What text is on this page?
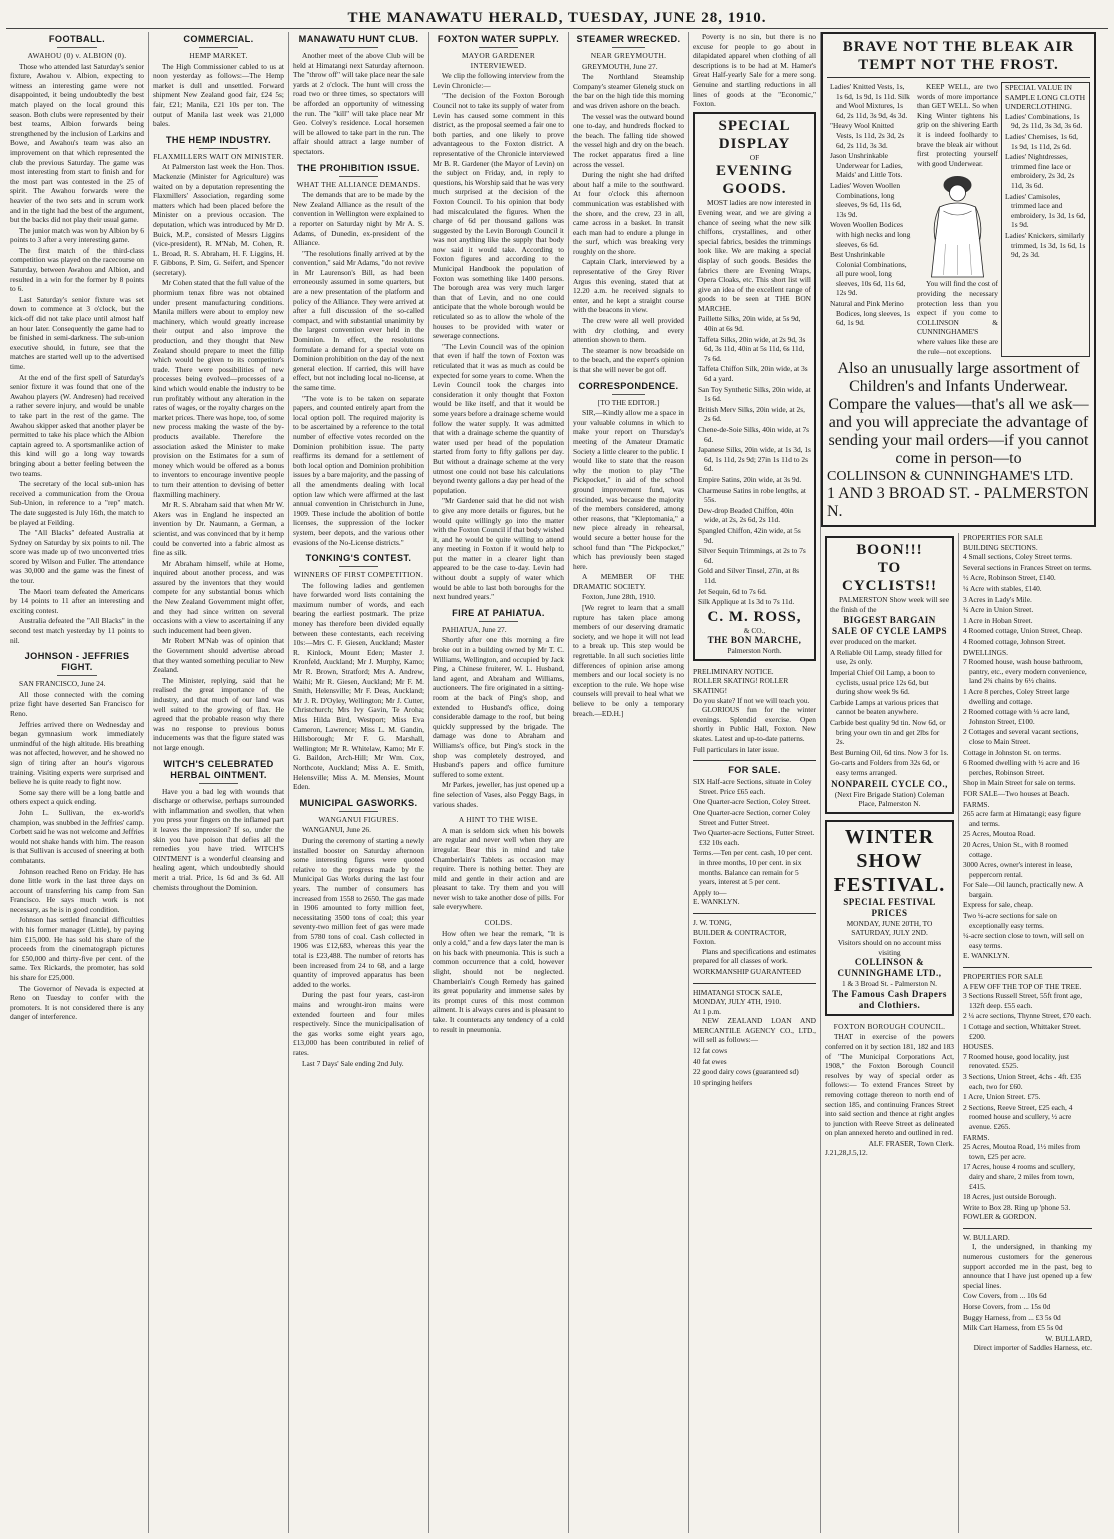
THE MANAWATU HERALD, TUESDAY, JUNE 28, 1910.
FOOTBALL.
AWAHOU (0) v. ALBION (0).

Those who attended last Saturday's senior fixture, Awahou v. Albion, expecting to witness an interesting game were not disappointed, it being undoubtedly the best match played on the local ground this season. Both clubs were represented by their best teams, Albion forwards being strengthened by the inclusion of Larkins and Bowe, and Awahou's team was also an improvement on that which represented the club the previous Saturday. The game was most interesting from start to finish and for the most part was contested in the 25 of spirit. The Awahou forwards were the heavier of the two sets and in scrum work and in the tight had the best of the argument, but the backs did not play their usual game.

The junior match was won by Albion by 6 points to 3 after a very interesting game.

The first match of the third-class competition was played on the racecourse on Saturday, between Awahou and Albion, and resulted in a win for the former by 8 points to 6.

Last Saturday's senior fixture was set down to commence at 3 o'clock, but the kick-off did not take place until almost half an hour later. Consequently the game had to be finished in semi-darkness. The sub-union executive should, in future, see that the matches are started well up to the advertised time.

At the end of the first spell of Saturday's senior fixture it was found that one of the Awahou players (W. Andresen) had received a rather severe injury, and would be unable to take part in the rest of the game. The Awahou skipper asked that another player be permitted to take his place which the Albion captain agreed to. A sportsmanlike action of this kind will go a long way towards bringing about a better feeling between the two teams.

The secretary of the local sub-union has received a communication from the Oroua Sub-Union, in reference to a "rep" match. The date suggested is July 16th, the match to be played at Feilding.

The "All Blacks" defeated Australia at Sydney on Saturday by six points to nil. The score was made up of two unconverted tries scored by Wilson and Fuller. The attendance was 30,000 and the game was the finest of the tour.

The Maori team defeated the Americans by 14 points to 11 after an interesting and exciting contest.

Australia defeated the "All Blacks" in the second test match yesterday by 11 points to nil.

JOHNSON - JEFFRIES FIGHT.

SAN FRANCISCO, June 24.

All those connected with the coming prize fight have deserted San Francisco for Reno.

Jeffries arrived there on Wednesday and began gymnasium work immediately unmindful of the high altitude. His breathing was not affected, however, and he showed no sign of tiring after an hour's vigorous training. Visiting experts were surprised and believe he is quite ready to fight now.

Some say there will be a long battle and others expect a quick ending.

John L. Sullivan, the ex-world's champion, was snubbed in the Jeffries' camp. Corbett said he was not welcome and Jeffries would not shake hands with him. The reason is that Sullivan is accused of sneering at both combatants.

Johnson reached Reno on Friday. He has done little work in the last three days on account of transferring his camp from San Francisco. He says much work is not necessary, as he is in good condition.

Johnson has settled financial difficulties with his former manager (Little), by paying him £15,000. He has sold his share of the proceeds from the cinematograph pictures for £50,000 and thirty-five per cent. of the same. Tex Rickards, the promoter, has sold his share for £25,000.

The Governor of Nevada is expected at Reno on Tuesday to confer with the promoters. It is not considered there is any danger of interference.

COMMERCIAL.
HEMP MARKET.

The High Commissioner cabled to us at noon yesterday as follows:—The Hemp market is dull and unsettled. Forward shipment New Zealand good fair, £24 5s; fair, £21; Manila, £21 10s per ton. The output of Manila last week was 21,000 bales.

THE HEMP INDUSTRY.
FLAXMILLERS WAIT ON MINISTER.

At Palmerston last week the Hon. Thos. Mackenzie (Minister for Agriculture) was waited on by a deputation representing the Flaxmillers' Association, regarding some matters which had been placed before the Minister on a previous occasion. The deputation, which was introduced by Mr D. Buick, M.P., consisted of Messrs Liggins (vice-president), R. M'Nab, M. Cohen, R. L. Broad, R. S. Abraham, H. F. Liggins, H. F. Gibbons, P. Sim, G. Seifert, and Spencer (secretary).

Mr Cohen stated that the full value of the phormium tenax fibre was not obtained under present manufacturing conditions. Manila millers were about to employ new machinery, which would greatly increase their output and also improve the production, and they thought that New Zealand should prepare to meet the fillip which would be given to its competitor's trade. There were possibilities of new processes being evolved—processes of a kind which would enable the industry to be run profitably without any alteration in the rates of wages, or the royalty charges on the market prices. There was hope, too, of some new process making the waste of the by-products available. Therefore the association asked the Minister to make provision on the Estimates for a sum of money which would be offered as a bonus to inventors to encourage inventive people to turn their attention to devising of better flaxmilling machinery.

Mr R. S. Abraham said that when Mr W. Akers was in England he inspected an invention by Dr. Naumann, a German, a scientist, and was convinced that by it hemp could be converted into a fabric almost as fine as silk.

Mr Abraham himself, while at Home, inquired about another process, and was assured by the inventors that they would compete for any substantial bonus which the New Zealand Government might offer, and they had since written on several occasions with a view to ascertaining if any such inducement had been given.

Mr Robert M'Nab was of opinion that the Government should advertise abroad that they wanted something peculiar to New Zealand.

The Minister, replying, said that he realised the great importance of the industry, and that much of our land was well suited to the growing of flax. He agreed that the probable reason why there was no response to previous bonus inducements was that the figure stated was not large enough.

WITCH'S CELEBRATED HERBAL OINTMENT.

Have you a bad leg with wounds that discharge or otherwise, perhaps surrounded with inflammation and swollen, that when you press your fingers on the inflamed part it leaves the impression? If so, under the skin you have poison that defies all the remedies you have tried. WITCH'S OINTMENT is a wonderful cleansing and healing agent, which undoubtedly should merit a trial. Price, 1s 6d and 3s 6d. All chemists throughout the Dominion.

MANAWATU HUNT CLUB.

Another meet of the above Club will be held at Himatangi next Saturday afternoon. The "throw off" will take place near the sale yards at 2 o'clock. The hunt will cross the road two or three times, so spectators will be afforded an opportunity of witnessing the run. The "kill" will take place near Mr Geo. Colvey's residence. Local horsemen will be allowed to take part in the run. The affair should attract a large number of spectators.

THE PROHIBITION ISSUE.
WHAT THE ALLIANCE DEMANDS.

The demands that are to be made by the New Zealand Alliance as the result of the convention in Wellington were explained to a reporter on Saturday night by Mr A. S. Adams, of Dunedin, ex-president of the Alliance.

"The resolutions finally arrived at by the convention," said Mr Adams, "do not revive in Mr Laurenson's Bill, as had been erroneously assumed in some quarters, but are a new presentation of the platform and policy of the Alliance. They were arrived at after a full discussion of the so-called compact, and with substantial unanimity by the largest convention ever held in the Dominion. In effect, the resolutions formulate a demand for a special vote on Dominion prohibition on the day of the next general election. If carried, this will have effect, but not including local no-license, at the same time.

"The vote is to be taken on separate papers, and counted entirely apart from the local option poll. The required majority is to be ascertained by a reference to the total number of effective votes recorded on the Dominion prohibition issue. The party reaffirms its demand for a settlement of both local option and Dominion prohibition issues by a bare majority, and the passing of all the amendments dealing with local option law which were affirmed at the last annual convention in Christchurch in June, 1909. These include the abolition of bottle licenses, the suppression of the locker system, beer depots, and the various other evasions of the No-License districts."

TONKING'S CONTEST.
WINNERS OF FIRST COMPETITION.

The following ladies and gentlemen have forwarded word lists containing the maximum number of words, and each bearing the earliest postmark. The prize money has therefore been divided equally between these contestants, each receiving 10s:—Mrs C. F. Giesen, Auckland; Master R. Kinlock, Mount Eden; Master J. Kronfeld, Auckland; Mr J. Murphy, Kamo; Mr R. Brown, Stratford; Mrs A. Andrew, Waihi; Mr R. Giesen, Auckland; Mr F. M. Smith, Helensville; Mr F. Deas, Auckland; Mr J. R. D'Oyley, Wellington; Mr J. Cutter, Christchurch; Mrs Ivy Gavin, Te Aroha; Miss Hilda Bird, Westport; Miss Eva Cameron, Lawrence; Miss L. M. Gandin, Hillsborough; Mr F. G. Marshall, Wellington; Mr R. Whitelaw, Kamo; Mr F. G. Baildon, Arch-Hill; Mr Wm. Cox, Northcote, Auckland; Miss A. E. Smith, Helensville; Miss A. M. Mensies, Mount Eden.

MUNICIPAL GASWORKS.
WANGANUI FIGURES.

WANGANUI, June 26.

During the ceremony of starting a newly installed booster on Saturday afternoon some interesting figures were quoted relative to the progress made by the Municipal Gas Works during the last four years. The number of consumers has increased from 1558 to 2650. The gas made in 1906 amounted to forty million feet, necessitating 3500 tons of coal; this year seventy-two million feet of gas were made from 5780 tons of coal. Cash collected in 1906 was £12,683, whereas this year the total is £23,488. The number of retorts has been increased from 24 to 68, and a large quantity of improved apparatus has been added to the works.

During the past four years, cast-iron mains and wrought-iron mains were extended fourteen and four miles respectively. Since the municipalisation of the gas works some eight years ago, £13,000 has been contributed in relief of rates.

Last 7 Days' Sale ending 2nd July.

FOXTON WATER SUPPLY.
MAYOR GARDENER INTERVIEWED.

We clip the following interview from the Levin Chronicle:—

"The decision of the Foxton Borough Council not to take its supply of water from Levin has caused some comment in this district, as the proposal seemed a fair one to both parties, and one likely to prove advantageous to the Foxton district. A representative of the Chronicle interviewed Mr B. R. Gardener (the Mayor of Levin) on the subject on Friday, and, in reply to questions, his Worship said that he was very much surprised at the decision of the Foxton Council. To his opinion that body had miscalculated the figures. When the charge of 6d per thousand gallons was suggested by the Levin Borough Council it was not anything like the supply that body now said it would take. According to Foxton figures and according to the Municipal Handbook the population of Foxton was something like 1400 persons. The borough area was very much larger than that of Levin, and no one could anticipate that the whole borough would be reticulated so as to allow the whole of the houses to be provided with water or sewerage connections.

"The Levin Council was of the opinion that even if half the town of Foxton was reticulated that it was as much as could be expected for some years to come. When the Levin Council took the charges into consideration it only thought that Foxton would be like itself, and that it would be some years before a drainage scheme would follow the water supply. It was admitted that with a drainage scheme the quantity of water used per head of the population started from forty to fifty gallons per day. But without a drainage scheme at the very utmost one could not base his calculations beyond twenty gallons a day per head of the population.

"Mr Gardener said that he did not wish to give any more details or figures, but he would quite willingly go into the matter with the Foxton Council if that body wished it, and he would be quite willing to attend any meeting in Foxton if it would help to put the matter in a clearer light than appeared to be the case to-day. Levin had without doubt a supply of water which would be able to last both boroughs for the next hundred years."

FIRE AT PAHIATUA.

PAHIATUA, June 27.

Shortly after one this morning a fire broke out in a building owned by Mr T. C. Williams, Wellington, and occupied by Jack Ping, a Chinese fruiterer, W. L. Husband, land agent, and Abraham and Williams, auctioneers. The fire originated in a sitting-room at the back of Ping's shop, and extended to Husband's office, doing considerable damage to the roof, but being quickly suppressed by the brigade. The damage was done to Abraham and Williams's office, but Ping's stock in the shop was completely destroyed, and Husband's papers and office furniture suffered to some extent.

Mr Parkes, jeweller, has just opened up a fine selection of Vases, also Peggy Bags, in various shades.

A HINT TO THE WISE.

A man is seldom sick when his bowels are regular and never well when they are irregular. Bear this in mind and take Chamberlain's Tablets as occasion may require. There is nothing better. They are mild and gentle in their action and are pleasant to take. Try them and you will never wish to take another dose of pills. For sale everywhere.

COLDS.

How often we hear the remark, "It is only a cold," and a few days later the man is on his back with pneumonia. This is such a common occurrence that a cold, however slight, should not be neglected. Chamberlain's Cough Remedy has gained its great popularity and immense sales by its prompt cures of this most common ailment. It is always cures and is pleasant to take. It counteracts any tendency of a cold to result in pneumonia.

STEAMER WRECKED.
NEAR GREYMOUTH.

GREYMOUTH, June 27.

The Northland Steamship Company's steamer Glenelg stuck on the bar on the high tide this morning and was driven ashore on the beach.

The vessel was the outward bound one to-day, and hundreds flocked to the beach. The falling tide showed the vessel high and dry on the beach. The rocket apparatus fired a line across the vessel.

During the night she had drifted about half a mile to the southward. At four o'clock this afternoon communication was established with the shore, and the crew, 23 in all, came across in a basket. In transit each man had to endure a plunge in the surf, which was breaking very roughly on the shore.

Captain Clark, interviewed by a representative of the Grey River Argus this evening, stated that at 12.20 a.m. he received signals to enter, and he kept a straight course with the beacons in view.

The crew were all well provided with dry clothing, and every attention shown to them.

The steamer is now broadside on to the beach, and the expert's opinion is that she will never be got off.

CORRESPONDENCE.

[TO THE EDITOR.]

SIR,—Kindly allow me a space in your valuable columns in which to make your report on Thursday's meeting of the Amateur Dramatic Society a little clearer to the public. I would like to state that the reason why the motion to play "The Pickpocket," in aid of the school ground improvement fund, was rescinded, was because the majority of the members considered, among other reasons, that "Kleptomania," a new piece already in rehearsal, would secure a better house for the school fund than "The Pickpocket," which has previously been staged here.

A MEMBER OF THE DRAMATIC SOCIETY.

Foxton, June 28th, 1910.

[We regret to learn that a small rupture has taken place among members of our deserving dramatic society, and we hope it will not lead to a break up. This step would be regrettable. In all such societies little differences of opinion arise among members and our local society is no exception to the rule. We hope wise counsels will prevail to heal what we believe to be only a temporary breach.—ED.H.]

Poverty is no sin, but there is no excuse for people to go about in dilapidated apparel when clothing of all descriptions is to be had at M. Hamer's Great Half-yearly Sale for a mere song. Genuine and startling reductions in all lines of goods at the "Economic," Foxton.

SPECIAL DISPLAY
OF
EVENING GOODS.

MOST ladies are now interested in Evening wear, and we are giving a chance of seeing what the new silk chiffons, crystallines, and other special fabrics, besides the trimmings look like. We are making a special display of such goods. Besides the fabrics there are Evening Wraps, Opera Cloaks, etc. This short list will give an idea of the excellent range of goods to be seen at THE BON MARCHE.

Paillette Silks, 20in wide, at 5s 9d, 40in at 6s 9d.
Taffeta Silks, 20in wide, at 2s 9d, 3s 6d, 3s 11d, 40in at 5s 11d, 6s 11d, 7s 6d.
Taffeta Chiffon Silk, 20in wide, at 3s 6d a yard.
San Toy Synthetic Silks, 20in wide, at 1s 6d.
British Merv Silks, 20in wide, at 2s, 2s 6d.
Chene-de-Soie Silks, 40in wide, at 7s 6d.
Japanese Silks, 20in wide, at 1s 3d, 1s 6d, 1s 11d, 2s 9d; 27in 1s 11d to 2s 6d.
Empire Satins, 20in wide, at 3s 9d.
Charmeuse Satins in robe lengths, at 55s.
Dew-drop Beaded Chiffon, 40in wide, at 2s, 2s 6d, 2s 11d.
Spangled Chiffon, 42in wide, at 5s 9d.
Silver Sequin Trimmings, at 2s to 7s 6d.
Gold and Silver Tinsel, 27in, at 8s 11d.
Jet Sequin, 6d to 7s 6d.
Silk Applique at 1s 3d to 7s 11d.
C. M. ROSS,
& CO.,
THE BON MARCHE,
Palmerston North.
PRELIMINARY NOTICE.
ROLLER SKATING! ROLLER SKATING!
Do you skate? If not we will teach you.

GLORIOUS fun for the winter evenings. Splendid exercise. Open shortly in Public Hall, Foxton. New skates. Latest and up-to-date patterns.

Full particulars in later issue.
FOR SALE.
SIX Half-acre Sections, situate in Coley Street. Price £65 each.
One Quarter-acre Section, Coley Street.
One Quarter-acre Section, corner Coley Street and Futter Street.
Two Quarter-acre Sections, Futter Street. £32 10s each.
Terms.—Ten per cent. cash, 10 per cent. in three months, 10 per cent. in six months. Balance can remain for 5 years, interest at 5 per cent.
Apply to—
E. WANKLYN.
J. W. TONG,
BUILDER & CONTRACTOR,
Foxton.

Plans and specifications and estimates prepared for all classes of work.

WORKMANSHIP GUARANTEED
HIMATANGI STOCK SALE,
MONDAY, JULY 4TH, 1910.
At 1 p.m.

NEW ZEALAND LOAN AND MERCANTILE AGENCY CO., LTD., will sell as follows:—

12 fat cows
40 fat ewes
22 good dairy cows (guaranteed sd)
10 springing heifers
BRAVE NOT THE BLEAK AIR TEMPT NOT THE FROST.
Ladies' Knitted Vests, 1s, 1s 6d, 1s 9d, 1s 11d. Silk and Wool Mixtures, 1s 6d, 2s 11d, 3s 9d, 4s 3d.
"Heavy Wool Knitted Vests, 1s 11d, 2s 3d, 2s 6d, 2s 11d, 3s 3d.
Jason Unshrinkable Underwear for Ladies, Maids' and Little Tots.
Ladies' Woven Woollen Combinations, long sleeves, 9s 6d, 11s 6d, 13s 9d.
Woven Woollen Bodices with high necks and long sleeves, 6s 6d.
Best Unshrinkable Colonial Combinations, all pure wool, long sleeves, 10s 6d, 11s 6d, 12s 9d.
Natural and Pink Merino Bodices, long sleeves, 1s 6d, 1s 9d.

KEEP WELL, are two words of more importance than GET WELL. So when King Winter tightens his grip on the shivering Earth it is indeed foolhardy to brave the bleak air without first protecting yourself with good Underwear.

You will find the cost of providing the necessary protection less than you expect if you come to COLLINSON & CUNNINGHAME'S where values like these are the rule—not exceptions.

SPECIAL VALUE IN SAMPLE LONG CLOTH UNDERCLOTHING.
Ladies' Combinations, 1s 9d, 2s 11d, 3s 3d, 3s 6d.
Ladies' Chemises, 1s 6d, 1s 9d, 1s 11d, 2s 6d.
Ladies' Nightdresses, trimmed fine lace or embroidery, 2s 3d, 2s 11d, 3s 6d.
Ladies' Camisoles, trimmed lace and embroidery, 1s 3d, 1s 6d, 1s 9d.
Ladies' Knickers, similarly trimmed, 1s 3d, 1s 6d, 1s 9d, 2s 3d.

Also an unusually large assortment of Children's and Infants Underwear. Compare the values—that's all we ask—and you will appreciate the advantage of sending your mail orders—if you cannot come in person—to

COLLINSON & CUNNINGHAME'S LTD.
1 AND 3 BROAD ST. - PALMERSTON N.
BOON!!!
TO
CYCLISTS!!

PALMERSTON Show week will see the finish of the

BIGGEST BARGAIN SALE OF CYCLE LAMPS
ever produced on the market.
A Reliable Oil Lamp, steady filled for use, 2s only.
Imperial Chief Oil Lamp, a boon to cyclists, usual price 12s 6d, but during show week 9s 6d.
Carbide Lamps at various prices that cannot be beaten anywhere.
Carbide best quality 9d tin. Now 6d, or bring your own tin and get 2lbs for 2s.
Best Burning Oil, 6d tins. Now 3 for 1s.
Go-carts and Folders from 32s 6d, or easy terms arranged.
NONPAREIL CYCLE CO.,
(Next Fire Brigade Station) Coleman Place, Palmerston N.
WINTER
SHOW
FESTIVAL.
SPECIAL FESTIVAL PRICES
MONDAY, JUNE 20TH, TO SATURDAY, JULY 2ND.
Visitors should on no account miss visiting
COLLINSON & CUNNINGHAME LTD.,
1 & 3 Broad St. - Palmerston N.
The Famous Cash Drapers and Clothiers.
FOXTON BOROUGH COUNCIL.

THAT in exercise of the powers conferred on it by section 181, 182 and 183 of "The Municipal Corporations Act, 1908," the Foxton Borough Council resolves by way of special order as follows:— To extend Frances Street by removing cottage thereon to north end of section 185, and continuing Frances Street into said section and thence at right angles to junction with Reeve Street as delineated on plan annexed hereto and outlined in red.

ALF. FRASER, Town Clerk.
J.21,28,J.5,12.
PROPERTIES FOR SALE
BUILDING SECTIONS.
4 Small sections, Coley Street terms.
Several sections in Frances Street on terms.
½ Acre, Robinson Street, £140.
¼ Acre with stables, £140.
3 Acres in Lady's Mile.
¾ Acre in Union Street.
1 Acre in Hoban Street.
4 Roomed cottage, Union Street, Cheap.
4 Roomed cottage, Johnson Street.
DWELLINGS.
7 Roomed house, wash house bathroom, pantry, etc., every modern convenience, land 2¾ chains by 6½ chains.
1 Acre 8 perches, Coley Street large dwelling and cottage.
2 Roomed cottage with ¼ acre land, Johnston Street, £100.
2 Cottages and several vacant sections, close to Main Street.
Cottage in Johnston St. on terms.
6 Roomed dwelling with ½ acre and 16 perches, Robinson Street.
Shop in Main Street for sale on terms.
FOR SALE—Two houses at Beach.
FARMS.
265 acre farm at Himatangi; easy figure and terms.
25 Acres, Moutoa Road.
20 Acres, Union St., with 8 roomed cottage.
3000 Acres, owner's interest in lease, peppercorn rental.
For Sale—Oil launch, practically new. A bargain.
Express for sale, cheap.
Two ¼-acre sections for sale on exceptionally easy terms.
¼-acre section close to town, will sell on easy terms.
E. WANKLYN.
PROPERTIES FOR SALE
A FEW OFF THE TOP OF THE TREE.
3 Sections Russell Street, 55ft front age, 132ft deep. £55 each.
2 ¼ acre sections, Thynne Street, £70 each.
1 Cottage and section, Whittaker Street. £200.
HOUSES.
7 Roomed house, good locality, just renovated. £525.
3 Sections, Union Street, 4chs - 4ft. £35 each, two for £60.
1 Acre, Union Street. £75.
2 Sections, Reeve Street, £25 each, 4 roomed house and scullery, ½ acre avenue. £265.
FARMS.
25 Acres, Moutoa Road, 1½ miles from town, £25 per acre.
17 Acres, house 4 rooms and scullery, dairy and share, 2 miles from town, £415.
18 Acres, just outside Borough.
Write to Box 28. Ring up 'phone 53.
FOWLER & GORDON.
W. BULLARD.

I, the undersigned, in thanking my numerous customers for the generous support accorded me in the past, beg to announce that I have just opened up a few special lines.

Cow Covers, from ... 10s 6d
Horse Covers, from ... 15s 0d
Buggy Harness, from ... £3 5s 0d
Milk Cart Harness, from £5 5s 0d
W. BULLARD,
Direct importer of Saddles Harness, etc.
